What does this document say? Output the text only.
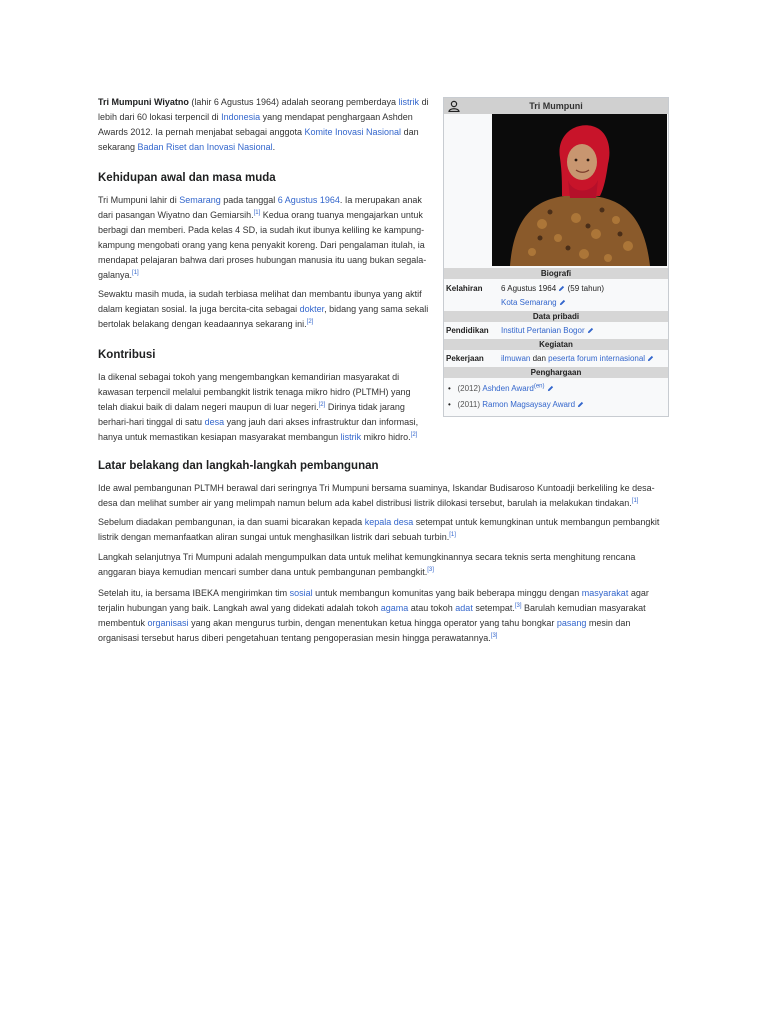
Tri Mumpuni Wiyatno (lahir 6 Agustus 1964) adalah seorang pemberdaya listrik di lebih dari 60 lokasi terpencil di Indonesia yang mendapat penghargaan Ashden Awards 2012. Ia pernah menjabat sebagai anggota Komite Inovasi Nasional dan sekarang Badan Riset dan Inovasi Nasional.

Kehidupan awal dan masa muda

Tri Mumpuni lahir di Semarang pada tanggal 6 Agustus 1964. Ia merupakan anak dari pasangan Wiyatno dan Gemiarsih.[1] Kedua orang tuanya mengajarkan untuk berbagi dan memberi. Pada kelas 4 SD, ia sudah ikut ibunya keliling ke kampung-kampung mengobati orang yang kena penyakit koreng. Dari pengalaman itulah, ia mendapat pelajaran bahwa dari proses hubungan manusia itu uang bukan segala-galanya.[1]

Sewaktu masih muda, ia sudah terbiasa melihat dan membantu ibunya yang aktif dalam kegiatan sosial. Ia juga bercita-cita sebagai dokter, bidang yang sama sekali bertolak belakang dengan keadaannya sekarang ini.[2]

Kontribusi

Ia dikenal sebagai tokoh yang mengembangkan kemandirian masyarakat di kawasan terpencil melalui pembangkit listrik tenaga mikro hidro (PLTMH) yang telah diakui baik di dalam negeri maupun di luar negeri.[2] Dirinya tidak jarang berhari-hari tinggal di satu desa yang jauh dari akses infrastruktur dan informasi, hanya untuk memastikan kesiapan masyarakat membangun listrik mikro hidro.[2]

Latar belakang dan langkah-langkah pembangunan

Ide awal pembangunan PLTMH berawal dari seringnya Tri Mumpuni bersama suaminya, Iskandar Budisaroso Kuntoadji berkeliling ke desa-desa dan melihat sumber air yang melimpah namun belum ada kabel distribusi listrik dilokasi tersebut, barulah ia melakukan tindakan.[1]

Sebelum diadakan pembangunan, ia dan suami bicarakan kepada kepala desa setempat untuk kemungkinan untuk membangun pembangkit listrik dengan memanfaatkan aliran sungai untuk menghasilkan listrik dari sebuah turbin.[1]

Langkah selanjutnya Tri Mumpuni adalah mengumpulkan data untuk melihat kemungkinannya secara teknis serta menghitung rencana anggaran biaya kemudian mencari sumber dana untuk pembangunan pembangkit.[3]

Setelah itu, ia bersama IBEKA mengirimkan tim sosial untuk membangun komunitas yang baik beberapa minggu dengan masyarakat agar terjalin hubungan yang baik. Langkah awal yang didekati adalah tokoh agama atau tokoh adat setempat.[3] Barulah kemudian masyarakat membentuk organisasi yang akan mengurus turbin, dengan menentukan ketua hingga operator yang tahu bongkar pasang mesin dan organisasi tersebut harus diberi pengetahuan tentang pengoperasian mesin hingga perawatannya.[3]

Tri Mumpuni
Biografi
Kelahiran 6 Agustus 1964  (59 tahun)
Kota Semarang
Data pribadi
Pendidikan Institut Pertanian Bogor
Kegiatan
Pekerjaan ilmuwan dan peserta forum internasional
Penghargaan
• (2012) Ashden Award$^{(en)}$
• (2011) Ramon Magsaysay Award
